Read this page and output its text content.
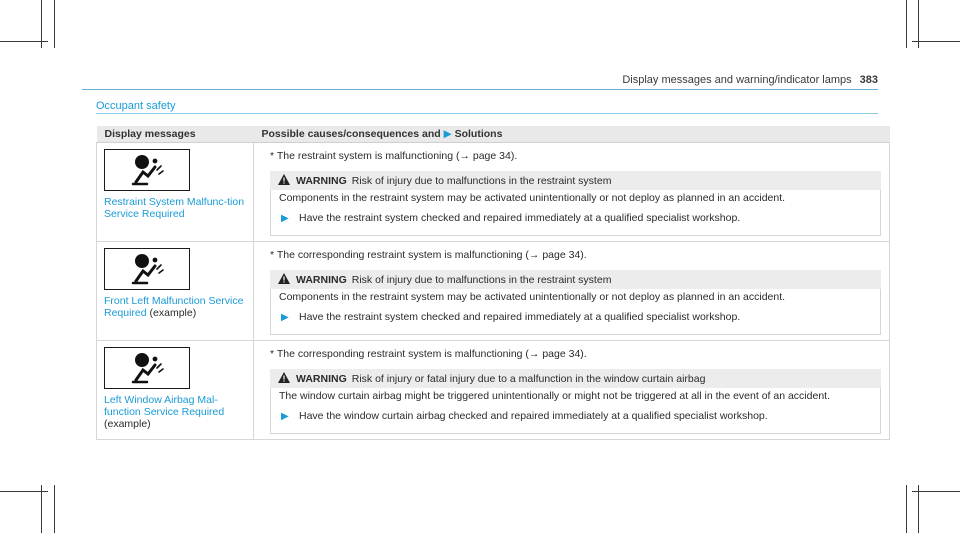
Display messages and warning/indicator lamps 383
Occupant safety
Display messages	Possible causes/consequences and ▶ Solutions

Restraint System Malfunc-tion Service Required	* The restraint system is malfunctioning (→ page 34).
WARNING Risk of injury due to malfunctions in the restraint system

Components in the restraint system may be activated unintentionally or not deploy as planned in an accident.

▶ Have the restraint system checked and repaired immediately at a qualified specialist workshop.

Front Left Malfunction Service Required (example)	* The corresponding restraint system is malfunctioning (→ page 34).
WARNING Risk of injury due to malfunctions in the restraint system

Components in the restraint system may be activated unintentionally or not deploy as planned in an accident.

▶ Have the restraint system checked and repaired immediately at a qualified specialist workshop.

Left Window Airbag Mal-function Service Required (example)	* The corresponding restraint system is malfunctioning (→ page 34).
WARNING Risk of injury or fatal injury due to a malfunction in the window curtain airbag

The window curtain airbag might be triggered unintentionally or might not be triggered at all in the event of an accident.

▶ Have the window curtain airbag checked and repaired immediately at a qualified specialist workshop.
